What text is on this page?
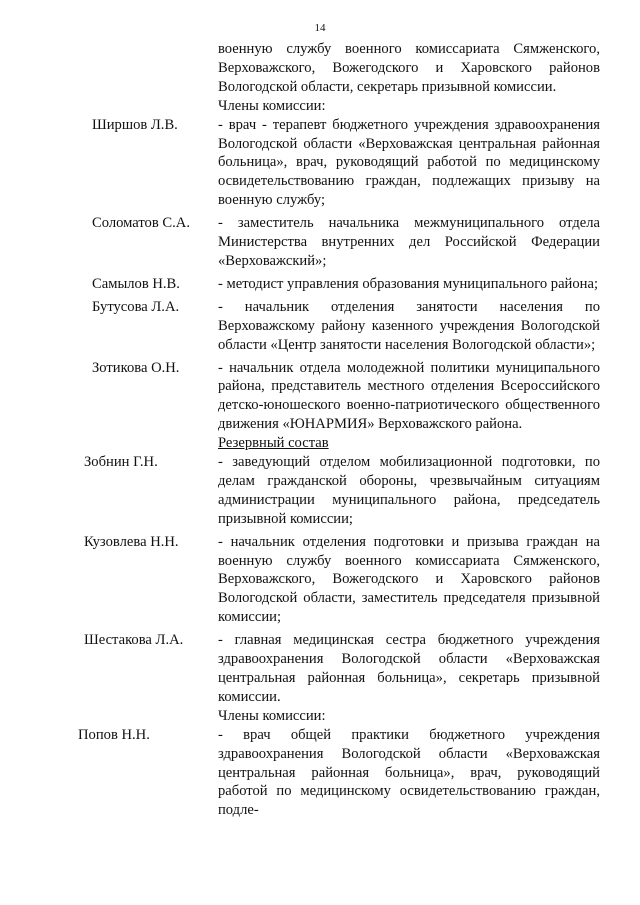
14
военную службу военного комиссариата Сямженского, Верховажского, Вожегодского и Харовского районов Вологодской области, секретарь призывной комиссии.
Члены комиссии:
Ширшов Л.В.	- врач - терапевт бюджетного учреждения здравоохранения Вологодской области «Верховажская центральная районная больница», врач, руководящий работой по медицинскому освидетельствованию граждан, подлежащих призыву на военную службу;
Соломатов С.А. - заместитель начальника межмуниципального отдела Министерства внутренних дел Российской Федерации «Верховажский»;
Самылов Н.В.	- методист управления образования муниципального района;
Бутусова Л.А.	- начальник отделения занятости населения по Верховажскому району казенного учреждения Вологодской области «Центр занятости населения Вологодской области»;
Зотикова О.Н.	- начальник отдела молодежной политики муниципального района, представитель местного отделения Всероссийского детско-юношеского военно-патриотического общественного движения «ЮНАРМИЯ» Верховажского района.
Резервный состав
Зобнин Г.Н.	- заведующий отделом мобилизационной подготовки, по делам гражданской обороны, чрезвычайным ситуациям администрации муниципального района, председатель призывной комиссии;
Кузовлева Н.Н.	- начальник отделения подготовки и призыва граждан на военную службу военного комиссариата Сямженского, Верховажского, Вожегодского и Харовского районов Вологодской области, заместитель председателя призывной комиссии;
Шестакова Л.А. - главная медицинская сестра бюджетного учреждения здравоохранения Вологодской области «Верховажская центральная районная больница», секретарь призывной комиссии.
Члены комиссии:
Попов Н.Н.	- врач общей практики бюджетного учреждения здравоохранения Вологодской области «Верховажская центральная районная больница», врач, руководящий работой по медицинскому освидетельствованию граждан, подле-
